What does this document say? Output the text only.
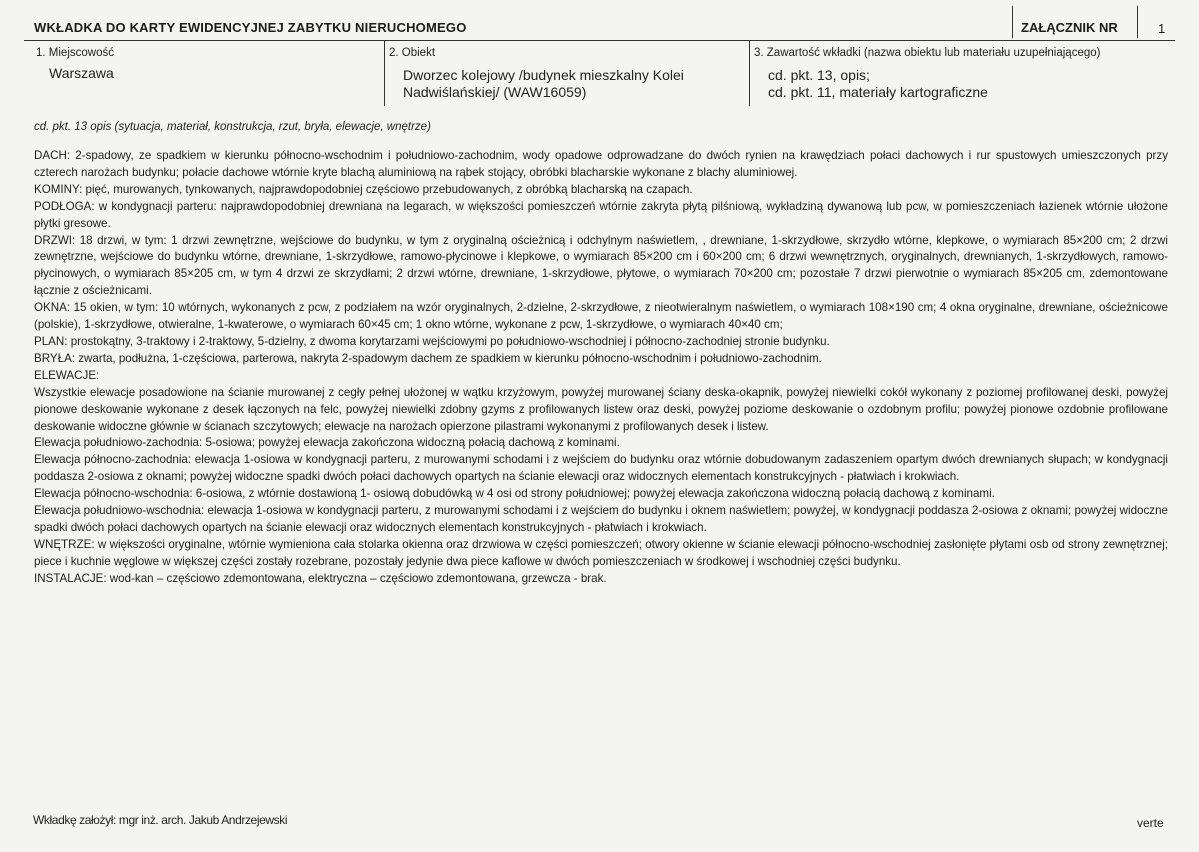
WKŁADKA DO KARTY EWIDENCYJNEJ ZABYTKU NIERUCHOMEGO	ZAŁĄCZNIK NR	1
1. Miejscowość
Warszawa
2. Obiekt
Dworzec kolejowy /budynek mieszkalny Kolei
Nadwiślańskiej/ (WAW16059)
3. Zawartość wkładki (nazwa obiektu lub materiału uzupełniającego)
cd. pkt. 13, opis;
cd. pkt. 11, materiały kartograficzne
cd. pkt. 13 opis (sytuacja, materiał, konstrukcja, rzut, bryła, elewacje, wnętrze)

DACH: 2-spadowy, ze spadkiem w kierunku północno-wschodnim i południowo-zachodnim, wody opadowe odprowadzane do dwóch rynien na krawędziach połaci dachowych i rur spustowych umieszczonych przy czterech narożach budynku; połacie dachowe wtórnie kryte blachą aluminiową na rąbek stojący, obróbki blacharskie wykonane z blachy aluminiowej.

KOMINY: pięć, murowanych, tynkowanych, najprawdopodobniej częściowo przebudowanych, z obróbką blacharską na czapach.

PODŁOGA: w kondygnacji parteru: najprawdopodobniej drewniana na legarach, w większości pomieszczeń wtórnie zakryta płytą pilśniową, wykładziną dywanową lub pcw, w pomieszczeniach łazienek wtórnie ułożone płytki gresowe.

DRZWI: 18 drzwi, w tym: 1 drzwi zewnętrzne, wejściowe do budynku, w tym z oryginalną ościeżnicą i odchylnym naświetlem, , drewniane, 1-skrzydłowe, skrzydło wtórne, klepkowe, o wymiarach 85×200 cm; 2 drzwi zewnętrzne, wejściowe do budynku wtórne, drewniane, 1-skrzydłowe, ramowo-płycinowe i klepkowe, o wymiarach 85×200 cm i 60×200 cm; 6 drzwi wewnętrznych, oryginalnych, drewnianych, 1-skrzydłowych, ramowo-płycinowych, o wymiarach 85×205 cm, w tym 4 drzwi ze skrzydłami; 2 drzwi wtórne, drewniane, 1-skrzydłowe, płytowe, o wymiarach 70×200 cm; pozostałe 7 drzwi pierwotnie o wymiarach 85×205 cm, zdemontowane łącznie z ościeżnicami.

OKNA: 15 okien, w tym: 10 wtórnych, wykonanych z pcw, z podziałem na wzór oryginalnych, 2-dzielne, 2-skrzydłowe, z nieotwieralnym naświetlem, o wymiarach 108×190 cm; 4 okna oryginalne, drewniane, ościeżnicowe (polskie), 1-skrzydłowe, otwieralne, 1-kwaterowe, o wymiarach 60×45 cm; 1 okno wtórne, wykonane z pcw, 1-skrzydłowe, o wymiarach 40×40 cm;

PLAN: prostokątny, 3-traktowy i 2-traktowy, 5-dzielny, z dwoma korytarzami wejściowymi po południowo-wschodniej i północno-zachodniej stronie budynku.

BRYŁA: zwarta, podłużna, 1-częściowa, parterowa, nakryta 2-spadowym dachem ze spadkiem w kierunku północno-wschodnim i południowo-zachodnim.

ELEWACJE:

Wszystkie elewacje posadowione na ścianie murowanej z cegły pełnej ułożonej w wątku krzyżowym, powyżej murowanej ściany deska-okapnik, powyżej niewielki cokół wykonany z poziomej profilowanej deski, powyżej pionowe deskowanie wykonane z desek łączonych na felc, powyżej niewielki zdobny gzyms z profilowanych listew oraz deski, powyżej poziome deskowanie o ozdobnym profilu; powyżej pionowe ozdobnie profilowane deskowanie widoczne głównie w ścianach szczytowych; elewacje na narożach opierzone pilastrami wykonanymi z profilowanych desek i listew.

Elewacja południowo-zachodnia: 5-osiowa; powyżej elewacja zakończona widoczną połacią dachową z kominami.

Elewacja północno-zachodnia: elewacja 1-osiowa w kondygnacji parteru, z murowanymi schodami i z wejściem do budynku oraz wtórnie dobudowanym zadaszeniem opartym dwóch drewnianych słupach; w kondygnacji poddasza 2-osiowa z oknami; powyżej widoczne spadki dwóch połaci dachowych opartych na ścianie elewacji oraz widocznych elementach konstrukcyjnych - płatwiach i krokwiach.

Elewacja północno-wschodnia: 6-osiowa, z wtórnie dostawioną 1- osiową dobudówką w 4 osi od strony południowej; powyżej elewacja zakończona widoczną połacią dachową z kominami.

Elewacja południowo-wschodnia: elewacja 1-osiowa w kondygnacji parteru, z murowanymi schodami i z wejściem do budynku i oknem naświetlem; powyżej, w kondygnacji poddasza 2-osiowa z oknami; powyżej widoczne spadki dwóch połaci dachowych opartych na ścianie elewacji oraz widocznych elementach konstrukcyjnych - płatwiach i krokwiach.

WNĘTRZE: w większości oryginalne, wtórnie wymieniona cała stolarka okienna oraz drzwiowa w części pomieszczeń; otwory okienne w ścianie elewacji północno-wschodniej zasłonięte płytami osb od strony zewnętrznej; piece i kuchnie węglowe w większej części zostały rozebrane, pozostały jedynie dwa piece kaflowe w dwóch pomieszczeniach w środkowej i wschodniej części budynku.

INSTALACJE: wod-kan – częściowo zdemontowana, elektryczna – częściowo zdemontowana, grzewcza - brak.

Wkładkę założył: mgr inż. arch. Jakub Andrzejewski	verte
